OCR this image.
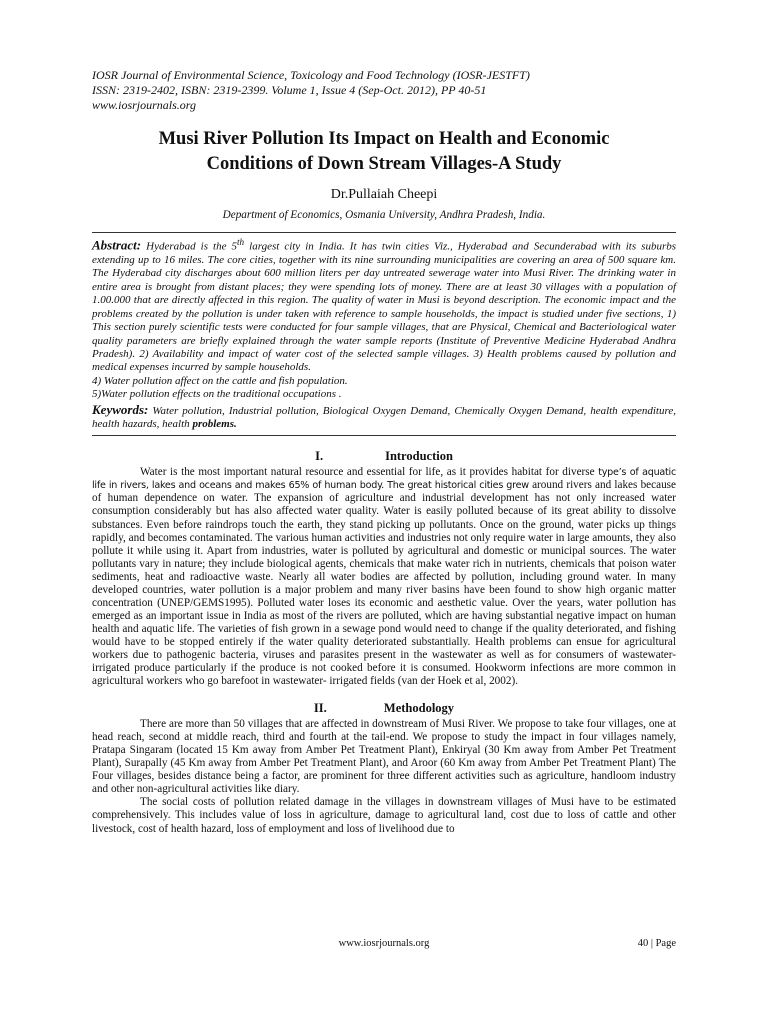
IOSR Journal of Environmental Science, Toxicology and Food Technology (IOSR-JESTFT)
ISSN: 2319-2402, ISBN: 2319-2399. Volume 1, Issue 4 (Sep-Oct. 2012), PP 40-51
www.iosrjournals.org
Musi River Pollution Its Impact on Health and Economic
Conditions of Down Stream Villages-A Study
Dr.Pullaiah Cheepi
Department of Economics, Osmania University, Andhra Pradesh, India.
Abstract: Hyderabad is the 5th largest city in India. It has twin cities Viz., Hyderabad and Secunderabad with its suburbs extending up to 16 miles. The core cities, together with its nine surrounding municipalities are covering an area of 500 square km. The Hyderabad city discharges about 600 million liters per day untreated sewerage water into Musi River. The drinking water in entire area is brought from distant places; they were spending lots of money. There are at least 30 villages with a population of 1.00.000 that are directly affected in this region. The quality of water in Musi is beyond description. The economic impact and the problems created by the pollution is under taken with reference to sample households, the impact is studied under five sections, 1) This section purely scientific tests were conducted for four sample villages, that are Physical, Chemical and Bacteriological water quality parameters are briefly explained through the water sample reports (Institute of Preventive Medicine Hyderabad Andhra Pradesh). 2) Availability and impact of water cost of the selected sample villages. 3) Health problems caused by pollution and medical expenses incurred by sample households.
4) Water pollution affect on the cattle and fish population.
5)Water pollution effects on the traditional occupations .
Keywords: Water pollution, Industrial pollution, Biological Oxygen Demand, Chemically Oxygen Demand, health expenditure, health hazards, health problems.
I.	Introduction

Water is the most important natural resource and essential for life, as it provides habitat for diverse type’s of aquatic life in rivers, lakes and oceans and makes 65% of human body. The great historical cities grew around rivers and lakes because of human dependence on water. The expansion of agriculture and industrial development has not only increased water consumption considerably but has also affected water quality. Water is easily polluted because of its great ability to dissolve substances. Even before raindrops touch the earth, they stand picking up pollutants. Once on the ground, water picks up things rapidly, and becomes contaminated. The various human activities and industries not only require water in large amounts, they also pollute it while using it. Apart from industries, water is polluted by agricultural and domestic or municipal sources. The water pollutants vary in nature; they include biological agents, chemicals that make water rich in nutrients, chemicals that poison water sediments, heat and radioactive waste. Nearly all water bodies are affected by pollution, including ground water. In many developed countries, water pollution is a major problem and many river basins have been found to show high organic matter concentration (UNEP/GEMS1995). Polluted water loses its economic and aesthetic value. Over the years, water pollution has emerged as an important issue in India as most of the rivers are polluted, which are having substantial negative impact on human health and aquatic life. The varieties of fish grown in a sewage pond would need to change if the quality deteriorated, and fishing would have to be stopped entirely if the water quality deteriorated substantially. Health problems can ensue for agricultural workers due to pathogenic bacteria, viruses and parasites present in the wastewater as well as for consumers of wastewater-irrigated produce particularly if the produce is not cooked before it is consumed. Hookworm infections are more common in agricultural workers who go barefoot in wastewater- irrigated fields (van der Hoek et al, 2002).

II.	Methodology

There are more than 50 villages that are affected in downstream of Musi River. We propose to take four villages, one at head reach, second at middle reach, third and fourth at the tail-end. We propose to study the impact in four villages namely, Pratapa Singaram (located 15 Km away from Amber Pet Treatment Plant), Enkiryal (30 Km away from Amber Pet Treatment Plant), Surapally (45 Km away from Amber Pet Treatment Plant), and Aroor (60 Km away from Amber Pet Treatment Plant) The Four villages, besides distance being a factor, are prominent for three different activities such as agriculture, handloom industry and other non-agricultural activities like diary.

The social costs of pollution related damage in the villages in downstream villages of Musi have to be estimated comprehensively. This includes value of loss in agriculture, damage to agricultural land, cost due to loss of cattle and other livestock, cost of health hazard, loss of employment and loss of livelihood due to

www.iosrjournals.org	40 | Page
